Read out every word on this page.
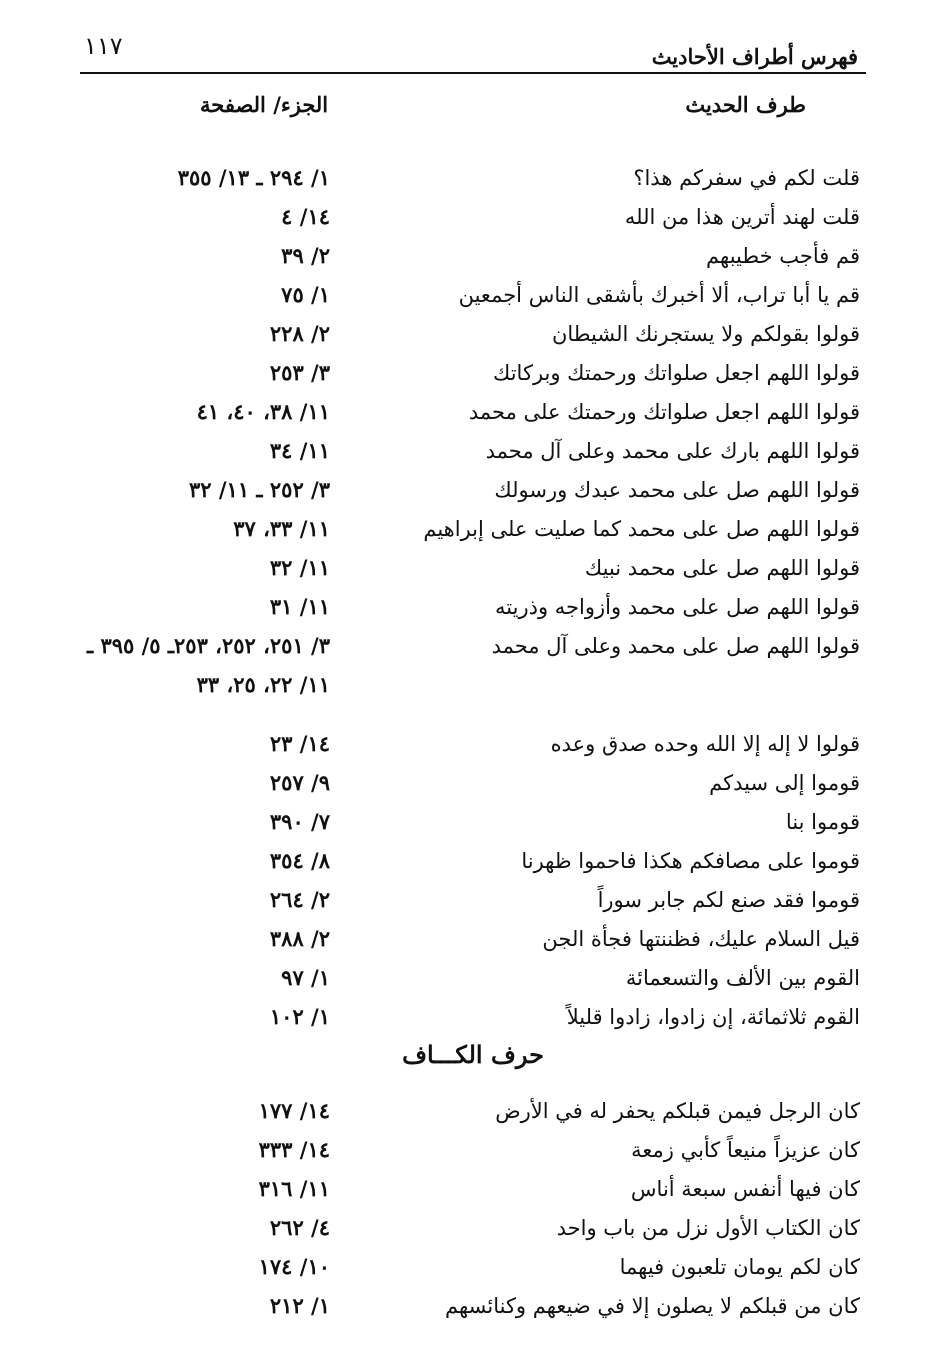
١١٧	فهرس أطراف الأحاديث
طرف الحديث
الجزء/ الصفحة
قلت لكم في سفركم هذا؟
١/ ٢٩٤ ـ ١٣/ ٣٥٥
قلت لهند أترين هذا من الله
١٤/ ٤
قم فأجب خطيبهم
٢/ ٣٩
قم يا أبا تراب، ألا أخبرك بأشقى الناس أجمعين
١/ ٧٥
قولوا بقولكم ولا يستجرنك الشيطان
٢/ ٢٢٨
قولوا اللهم اجعل صلواتك ورحمتك وبركاتك
٣/ ٢٥٣
قولوا اللهم اجعل صلواتك ورحمتك على محمد
١١/ ٣٨، ٤٠، ٤١
قولوا اللهم بارك على محمد وعلى آل محمد
١١/ ٣٤
قولوا اللهم صل على محمد عبدك ورسولك
٣/ ٢٥٢ ـ ١١/ ٣٢
قولوا اللهم صل على محمد كما صليت على إبراهيم
١١/ ٣٣، ٣٧
قولوا اللهم صل على محمد نبيك
١١/ ٣٢
قولوا اللهم صل على محمد وأزواجه وذريته
١١/ ٣١
قولوا اللهم صل على محمد وعلى آل محمد
٣/ ٢٥١، ٢٥٢، ٢٥٣ـ ٥/ ٣٩٥ ـ
١١/ ٢٢، ٢٥، ٣٣
قولوا لا إله إلا الله وحده صدق وعده
١٤/ ٢٣
قوموا إلى سيدكم
٩/ ٢٥٧
قوموا بنا
٧/ ٣٩٠
قوموا على مصافكم هكذا فاحموا ظهرنا
٨/ ٣٥٤
قوموا فقد صنع لكم جابر سوراً
٢/ ٢٦٤
قيل السلام عليك، فظننتها فجأة الجن
٢/ ٣٨٨
القوم بين الألف والتسعمائة
١/ ٩٧
القوم ثلاثمائة، إن زادوا، زادوا قليلاً
١/ ١٠٢
حرف الكـــاف
كان الرجل فيمن قبلكم يحفر له في الأرض
١٤/ ١٧٧
كان عزيزاً منيعاً كأبي زمعة
١٤/ ٣٣٣
كان فيها أنفس سبعة أناس
١١/ ٣١٦
كان الكتاب الأول نزل من باب واحد
٤/ ٢٦٢
كان لكم يومان تلعبون فيهما
١٠/ ١٧٤
كان من قبلكم لا يصلون إلا في ضيعهم وكنائسهم
١/ ٢١٢
